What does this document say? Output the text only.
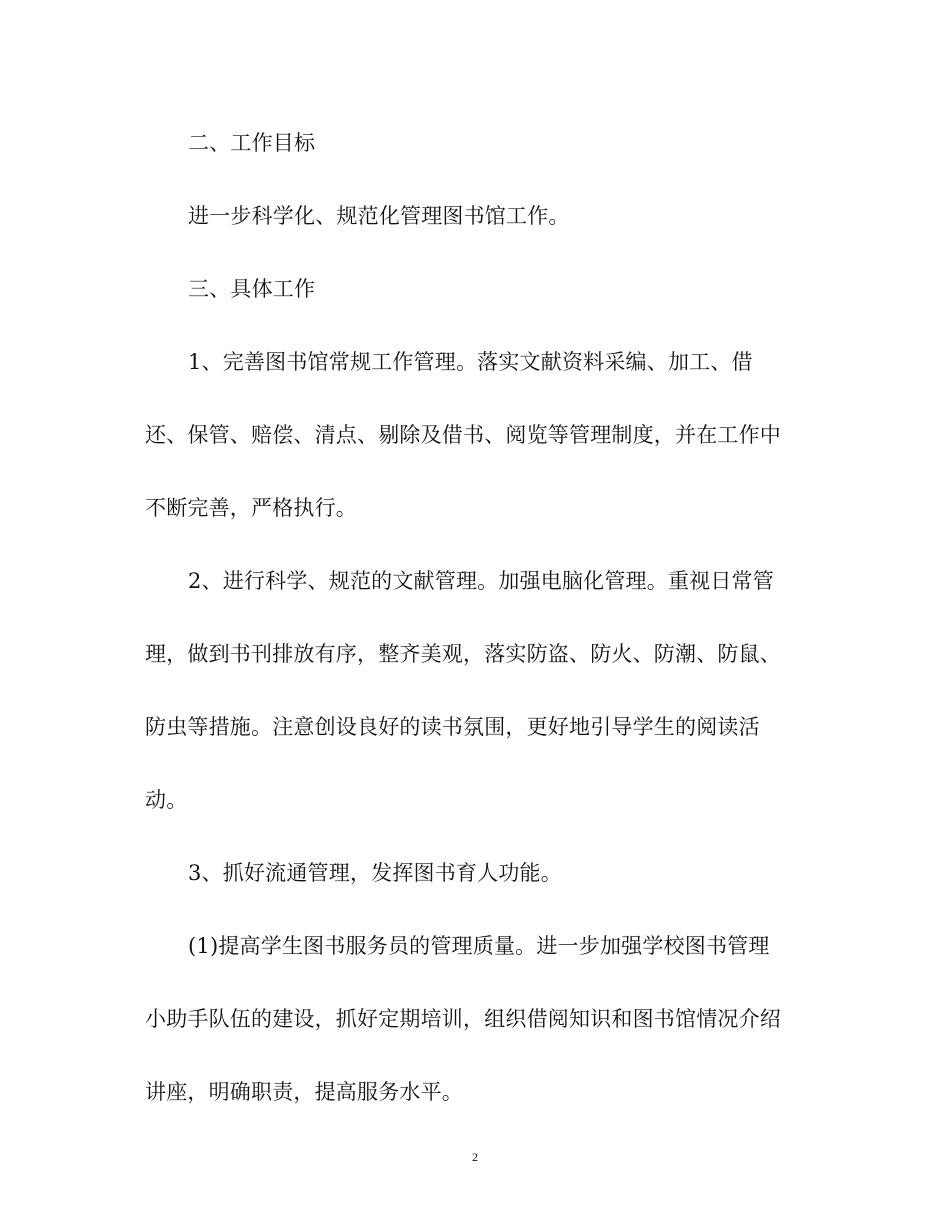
二、工作目标
进一步科学化、规范化管理图书馆工作。
三、具体工作
1、完善图书馆常规工作管理。落实文献资料采编、加工、借
还、保管、赔偿、清点、剔除及借书、阅览等管理制度，并在工作中
不断完善，严格执行。
2、进行科学、规范的文献管理。加强电脑化管理。重视日常管
理，做到书刊排放有序，整齐美观，落实防盗、防火、防潮、防鼠、
防虫等措施。注意创设良好的读书氛围，更好地引导学生的阅读活
动。
3、抓好流通管理，发挥图书育人功能。
(1)提高学生图书服务员的管理质量。进一步加强学校图书管理
小助手队伍的建设，抓好定期培训，组织借阅知识和图书馆情况介绍
讲座，明确职责，提高服务水平。
2
